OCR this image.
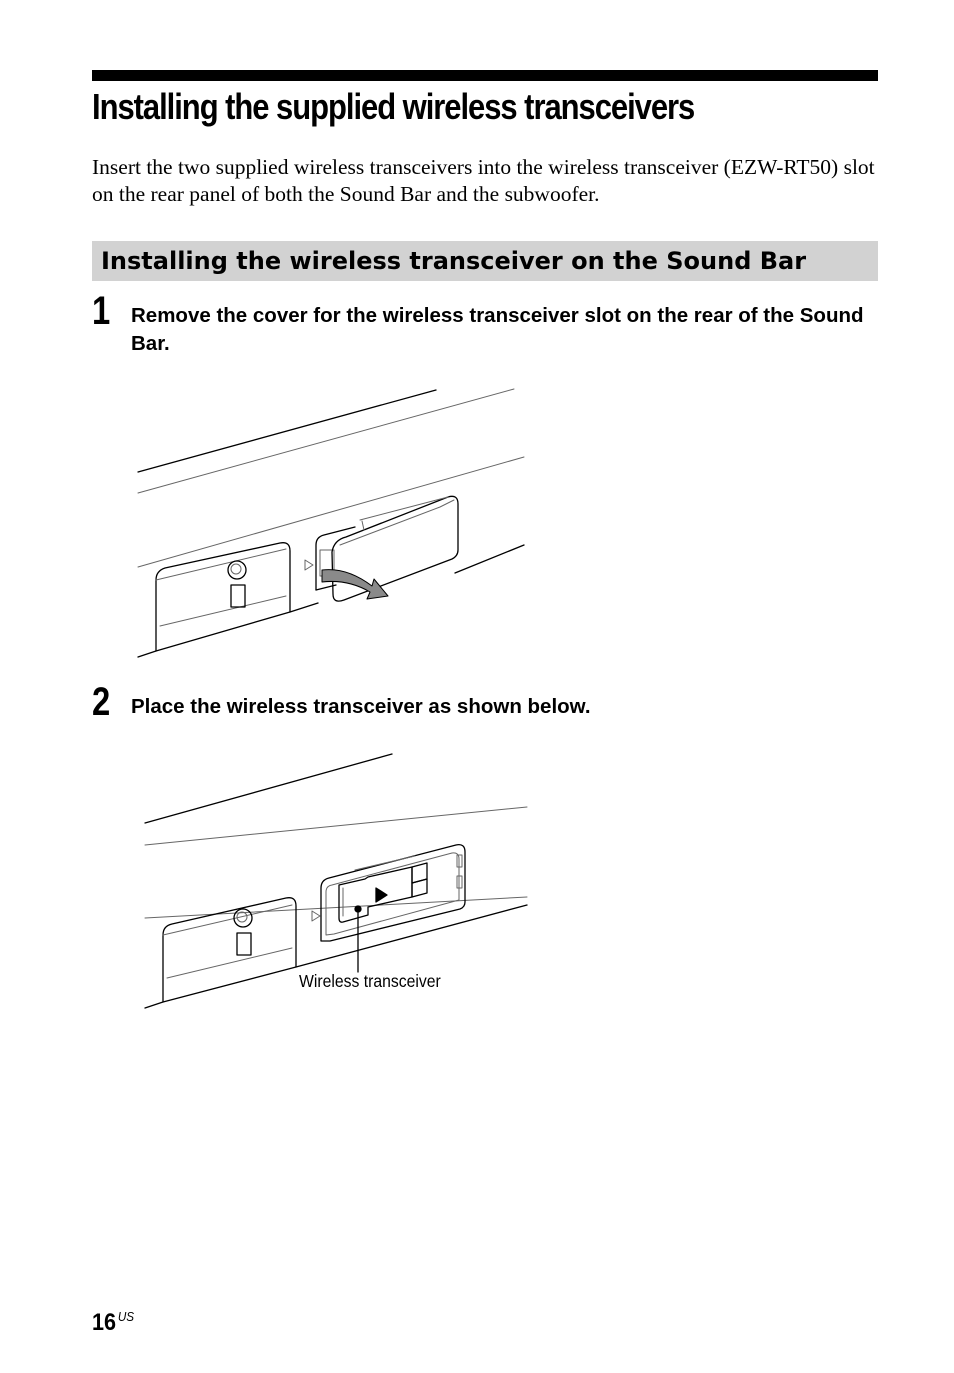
Installing the supplied wireless transceivers

Insert the two supplied wireless transceivers into the wireless transceiver (EZW-RT50) slot on the rear panel of both the Sound Bar and the subwoofer.

Installing the wireless transceiver on the Sound Bar
1 Remove the cover for the wireless transceiver slot on the rear of the Sound Bar.

2 Place the wireless transceiver as shown below.

Wireless transceiver
16 $^{US}$
